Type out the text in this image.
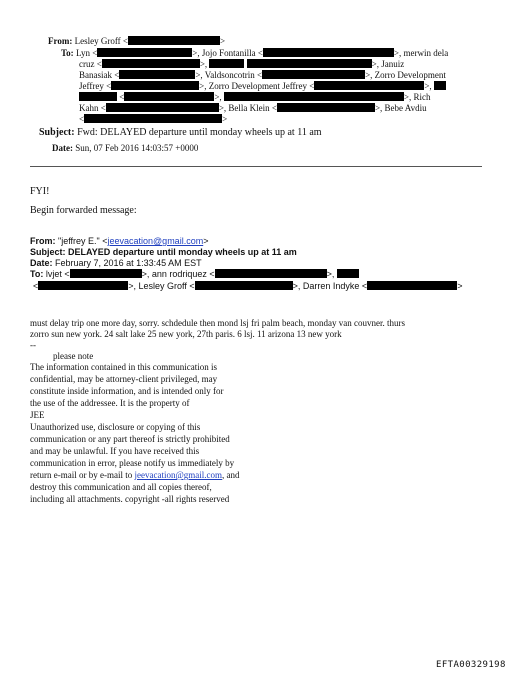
From: Lesley Groff <	>
To: Lyn <	>, Jojo Fontanilla <	>, merwin dela
cruz <	>,	>, Januiz
Banasiak <	>, Valdsoncotrin <	>, Zorro Development
Jeffrey <	>, Zorro Development Jeffrey <	>,
<	>,	>, Rich
Kahn <	>, Bella Klein <	>, Bebe Avdiu
<	>
Subject: Fwd: DELAYED departure until monday wheels up at 11 am
Date: Sun, 07 Feb 2016 14:03:57 +0000
FYI!
Begin forwarded message:
From: "jeffrey E." <jeevacation@gmail.com>
Subject: DELAYED departure until monday wheels up at 11 am
Date: February 7, 2016 at 1:33:45 AM EST
To: lvjet <	>, ann rodriquez <	>,
<	>, Lesley Groff <	>, Darren Indyke <	>
must delay trip one more day, sorry. schdedule then mond lsj fri palm beach, monday van couvner. thurs
zorro sun new york. 24 salt lake 25 new york, 27th paris. 6 lsj. 11 arizona 13 new york
--
please note
The information contained in this communication is
confidential, may be attorney-client privileged, may
constitute inside information, and is intended only for
the use of the addressee. It is the property of
JEE
Unauthorized use, disclosure or copying of this
communication or any part thereof is strictly prohibited
and may be unlawful. If you have received this
communication in error, please notify us immediately by
return e-mail or by e-mail to jeevacation@gmail.com, and
destroy this communication and all copies thereof,
including all attachments. copyright -all rights reserved
EFTA00329198
